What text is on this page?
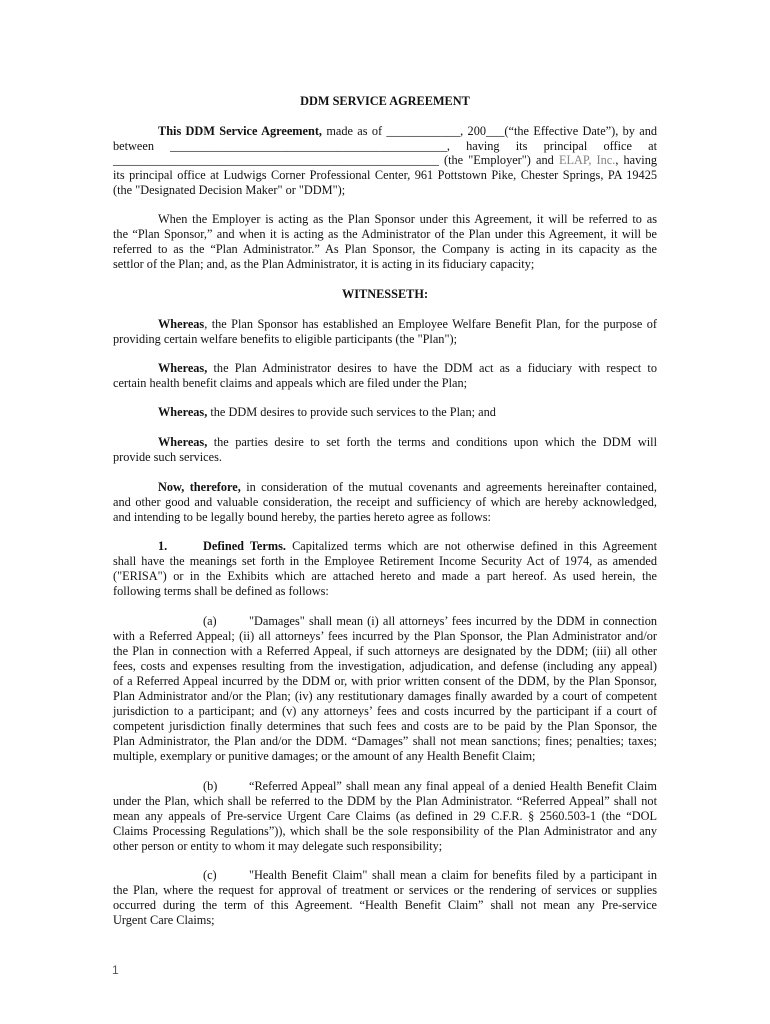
DDM SERVICE AGREEMENT
This DDM Service Agreement, made as of ____________, 200___(“the Effective Date”), by and
between _____________________________________________, having its principal office at
_____________________________________________________ (the "Employer") and ELAP, Inc., having
its principal office at Ludwigs Corner Professional Center, 961 Pottstown Pike, Chester Springs, PA 19425
(the "Designated Decision Maker" or "DDM");
When the Employer is acting as the Plan Sponsor under this Agreement, it will be referred to as
the “Plan Sponsor,” and when it is acting as the Administrator of the Plan under this Agreement, it will be
referred to as the “Plan Administrator.” As Plan Sponsor, the Company is acting in its capacity as the
settlor of the Plan; and, as the Plan Administrator, it is acting in its fiduciary capacity;
WITNESSETH:
Whereas, the Plan Sponsor has established an Employee Welfare Benefit Plan, for the purpose of
providing certain welfare benefits to eligible participants (the "Plan");
Whereas, the Plan Administrator desires to have the DDM act as a fiduciary with respect to
certain health benefit claims and appeals which are filed under the Plan;
Whereas, the DDM desires to provide such services to the Plan; and
Whereas, the parties desire to set forth the terms and conditions upon which the DDM will
provide such services.
Now, therefore, in consideration of the mutual covenants and agreements hereinafter contained,
and other good and valuable consideration, the receipt and sufficiency of which are hereby acknowledged,
and intending to be legally bound hereby, the parties hereto agree as follows:
1.	Defined Terms. Capitalized terms which are not otherwise defined in this Agreement
shall have the meanings set forth in the Employee Retirement Income Security Act of 1974, as amended
("ERISA") or in the Exhibits which are attached hereto and made a part hereof. As used herein, the
following terms shall be defined as follows:
(a)	"Damages" shall mean (i) all attorneys’ fees incurred by the DDM in connection
with a Referred Appeal; (ii) all attorneys’ fees incurred by the Plan Sponsor, the Plan Administrator and/or
the Plan in connection with a Referred Appeal, if such attorneys are designated by the DDM; (iii) all other
fees, costs and expenses resulting from the investigation, adjudication, and defense (including any appeal)
of a Referred Appeal incurred by the DDM or, with prior written consent of the DDM, by the Plan Sponsor,
Plan Administrator and/or the Plan; (iv) any restitutionary damages finally awarded by a court of competent
jurisdiction to a participant; and (v) any attorneys’ fees and costs incurred by the participant if a court of
competent jurisdiction finally determines that such fees and costs are to be paid by the Plan Sponsor, the
Plan Administrator, the Plan and/or the DDM. “Damages” shall not mean sanctions; fines; penalties; taxes;
multiple, exemplary or punitive damages; or the amount of any Health Benefit Claim;
(b)	“Referred Appeal” shall mean any final appeal of a denied Health Benefit Claim
under the Plan, which shall be referred to the DDM by the Plan Administrator. “Referred Appeal” shall not
mean any appeals of Pre-service Urgent Care Claims (as defined in 29 C.F.R. § 2560.503-1 (the “DOL
Claims Processing Regulations”)), which shall be the sole responsibility of the Plan Administrator and any
other person or entity to whom it may delegate such responsibility;
(c)	"Health Benefit Claim" shall mean a claim for benefits filed by a participant in
the Plan, where the request for approval of treatment or services or the rendering of services or supplies
occurred during the term of this Agreement. “Health Benefit Claim” shall not mean any Pre-service
Urgent Care Claims;
1
